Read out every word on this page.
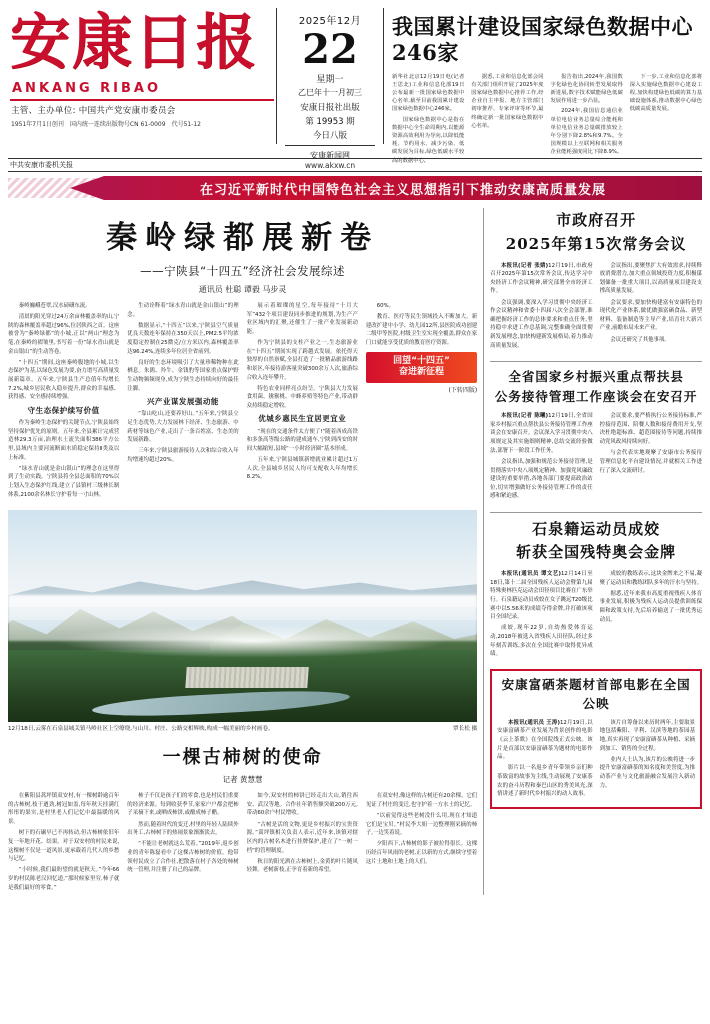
安康日报
ANKANG RIBAO
主管、主办单位: 中国共产党安康市委员会
1951年7月1日创刊 国内统一连续出版物号CN 61-0009 代号51-12
2025年12月
22
星期一
乙巳年十一月初三
安康日报社出版
第 19953 期
今日八版
安康新闻网
www.akxw.cn
我国累计建设国家绿色数据中心246家

新华社北京12月19日电(记者王思北)工业和信息化部19日公布最新一批国家绿色数据中心名单,截至目前我国累计建设国家绿色数据中心246家。

国家绿色数据中心是指在数据中心全生命周期内,以能源资源高效利用为导向,以降低能耗、节约用水、减少污染、低碳发展为目标,绿色低碳水平较高的数据中心。

据悉,工业和信息化部会同有关部门组织开展了2025年度国家绿色数据中心推荐工作,经企业自主申报、地方主管部门初审推荐、专家评审等环节,最终确定新一批国家绿色数据中心名单。

报告指出,2024年,我国数字化绿色化协同转型发展取得新进展,数字技术赋能绿色低碳发展作用进一步凸显。

2024年,我国信息通信业单位电信业务总量综合能耗和单位电信业务总量碳排放较上年分别下降2.8%和9.7%。全国规模以上互联网和相关服务企业能耗强度同比下降8.9%。

下一步,工业和信息化部将深入实施绿色数据中心建设工程,加快构建绿色低碳的算力基础设施体系,推动数据中心绿色低碳高质量发展。

中共安康市委机关报
在习近平新时代中国特色社会主义思想指引下推动安康高质量发展
秦岭绿都展新卷
——宁陕县“十四五”经济社会发展综述
通讯员 杜聪 谭毅 马步灵

秦岭巍峨苍翠,汉水磅礴东流。

清晨的阳光穿过24万余亩林覆盖率的山,宁陕的森林覆盖率超过96%,位居陕西之首。这座被誉为“秦岭绿都”的小城,正以“两山”理念为笔,在秦岭的褶皱里,书写着一份“绿水青山就是金山银山”的生动答卷。

“十四五”期间,这座秦岭腹地的小城,以生态保护为基,以绿色发展为要,奋力谱写高质量发展新篇章。五年来,宁陕县生产总值年均增长7.2%,城乡居民收入稳步提升,群众的幸福感、获得感、安全感持续增强。

守生态保护续写价值

作为秦岭生态保护的关键节点,宁陕县始终坚持保护优先的原则。五年来,全县累计完成营造林29.3万亩,治理水土流失面积386平方公里,县域内主要河流断面水质稳定保持Ⅱ类及以上标准。

“绿水青山就是金山银山”的理念在这里得到了生动实践。宁陕县将全县总面积的70%以上划入生态保护红线,建立了县镇村三级林长制体系,2100余名林长守护着每一寸山林。

生动诠释着“绿水青山就是金山银山”的理念。

数据显示,“十四五”以来,宁陕县空气质量优良天数连年保持在350天以上,PM2.5平均浓度稳定控制在25微克/立方米以内,森林覆盖率达96.24%,连续多年位居全省前列。

良好的生态环境吸引了大量珍稀物种在此栖息。朱鹮、羚牛、金钱豹等国家重点保护野生动物频频现身,成为宁陕生态持续向好的最佳注脚。

兴产业谋发展强动能

“靠山吃山,还要养好山。”五年来,宁陕县立足生态优势,大力发展林下经济、生态旅游、中药材等绿色产业,走出了一条百姓富、生态美的发展新路。

三年来,宁陕县旅游接待人次和综合收入年均增速均超过20%。

展示着璀璨的星空,每年接待“十月大军”432个项目建设同步推进的规划,为生产产业区域内的汇聚,还催生了一批产业发展新动能。

作为宁陕县的支柱产业之一,生态旅游业在“十四五”期间实现了跨越式发展。依托得天独厚的自然禀赋,全县打造了一批精品旅游线路和景区,年接待游客量突破300余万人次,旅游综合收入连年攀升。

特色农业同样亮点纷呈。宁陕县大力发展食用菌、猕猴桃、中蜂养殖等特色产业,带动群众持续稳定增收。

优城乡惠民生宜居更宜业

“现在的交通条件太方便了!”随着西成高铁和多条高等级公路的建成通车,宁陕到西安的时间大幅缩短,县域“一小时经济圈”基本形成。

五年来,宁陕县城镇新增就业累计超过1万人次,全县城乡居民人均可支配收入年均增长8.2%。

60%。

教育、医疗等民生领域投入不断加大。新建改扩建中小学、幼儿园12所,县医院成功创建二级甲等医院,村级卫生室实现全覆盖,群众在家门口就能享受优质的教育医疗资源。

回望“十四五”
奋进新征程
(下转四版)
12月18日,云雾在石泉县城关镇马岭社区上空缭绕,与山川、村庄、公路交相辉映,构成一幅美丽的乡村画卷。	覃长松 摄
一棵古柿树的使命
记者 黄慧慧

在紫阳县蒿坪镇双安村,有一棵树龄逾百年的古柿树,枝干遒劲,树冠如盖,每年秋天挂满红彤彤的果实,是村里老人们记忆中最温暖的风景。

树下的石碾早已不再转动,但古柿树依旧年复一年地开花、结果。对于双安村的村民来说,这棵树不仅是一道风景,更承载着几代人的乡愁与记忆。

“小时候,我们最盼望的就是秋天。”今年66岁的村民陈老汉回忆道,“那时候家里穷,柿子就是我们最好的零食。”

柿子不仅是孩子们的零食,也是村民们重要的经济来源。每到收获季节,家家户户都会把柿子采摘下来,或晒成柿饼,或酿成柿子醋。

然而,随着时代的变迁,村里的年轻人陆续外出务工,古柿树下的热闹景象渐渐淡去。

“不能让老树就这么荒着。”2019年,返乡创业的青年陈磊看中了这棵古柿树的价值。他带领村民成立了合作社,把散落在村子各处的柿树统一管理,并注册了自己的品牌。

如今,双安村的柿饼已经走出大山,销往西安、武汉等地。合作社年销售额突破200万元,带动60余户村民增收。

“古树是活的文物,更是乡村振兴的宝贵资源。”蒿坪镇相关负责人表示,近年来,该镇对辖区内的古树名木进行挂牌保护,建立了“一树一档”的管理制度。

秋日的阳光洒在古柿树上,金黄的叶片随风轻舞。老树新枝,正孕育着新的希望。

在双安村,像这样的古树还有20余棵。它们见证了村庄的变迁,也守护着一方水土的记忆。

“以前觉得这些老树没什么用,现在才知道它们是宝贝。”村民李大姐一边整理刚采摘的柿子,一边笑着说。

夕阳西下,古柿树的影子被拉得很长。这棵历经百年风雨的老树,正以新的方式,继续守望着这片土地和土地上的人们。

市政府召开
2025年第15次常务会议

本报讯(记者 张婧)12月19日,市政府召开2025年第15次常务会议,传达学习中央经济工作会议精神,研究部署全市经济工作。

会议强调,要深入学习贯彻中央经济工作会议精神和省委十四届八次全会部署,准确把握经济工作的总体要求和重点任务,坚持稳中求进工作总基调,完整准确全面贯彻新发展理念,加快构建新发展格局,着力推动高质量发展。

会议指出,要聚焦扩大有效需求,持续释放消费潜力,加大重点领域投资力度,积极谋划储备一批重大项目,以高质量项目建设支撑高质量发展。

会议要求,要加快构建富有安康特色的现代化产业体系,做优做强富硒食品、新型材料、装备制造等主导产业,培育壮大新兴产业,前瞻布局未来产业。

会议还研究了其他事项。

全省国家乡村振兴重点帮扶县
公务接待管理工作座谈会在安召开

本报讯(记者 陈曦)12月19日,全省国家乡村振兴重点帮扶县公务接待管理工作座谈会在安康召开。会议深入学习贯彻中央八项规定及其实施细则精神,总结交流经验做法,部署下一阶段工作任务。

会议指出,加强和规范公务接待管理,是贯彻落实中央八项规定精神、加强党风廉政建设的重要举措,各地各部门要提高政治站位,切实增强做好公务接待管理工作的责任感和紧迫感。

会议要求,要严格执行公务接待标准,严控接待范围、陪餐人数和接待费用开支,坚决杜绝超标准、超范围接待等问题,持续推动党风政风持续向好。

与会代表实地观摩了安康市公务接待管理信息化平台建设情况,并就相关工作进行了深入交流研讨。

石泉籍运动员成姣
斩获全国残特奥会金牌

本报讯(通讯员 谭文艺)12月14日至18日,第十二届全国残疾人运动会暨第九届特殊奥林匹克运动会田径项目比赛在广东举行。石泉籍运动员成姣在女子跳远T20级比赛中以5.56米的成绩夺得金牌,并打破该项目全国纪录。

成姣,现年22岁,自幼热爱体育运动,2018年被选入省残疾人田径队,经过多年刻苦训练,多次在全国比赛中取得优异成绩。

成姣的教练表示,这块金牌来之不易,凝聚了运动员和教练团队多年的汗水与坚持。

据悉,近年来我市高度重视残疾人体育事业发展,积极为残疾人运动员提供训练保障和政策支持,先后培养输送了一批优秀运动员。

安康富硒茶题材首部电影在全国公映

本报讯(通讯员 王涛)12月19日,以安康富硒茶产业发展为背景创作的电影《云上茶歌》在全国院线正式公映。该片是首部以安康富硒茶为题材的电影作品。

影片以一名返乡青年带领乡亲们种茶致富的故事为主线,生动展现了安康茶农的奋斗历程和秦巴山区的秀美风光,深情讲述了新时代乡村振兴的动人故事。

该片自筹备以来历时两年,主要取景地包括紫阳、平利、汉滨等地的茶园基地,真实再现了安康富硒茶从种植、采摘到加工、销售的全过程。

业内人士认为,该片的公映将进一步提升安康富硒茶的知名度和美誉度,为推动茶产业与文化旅游融合发展注入新动力。
